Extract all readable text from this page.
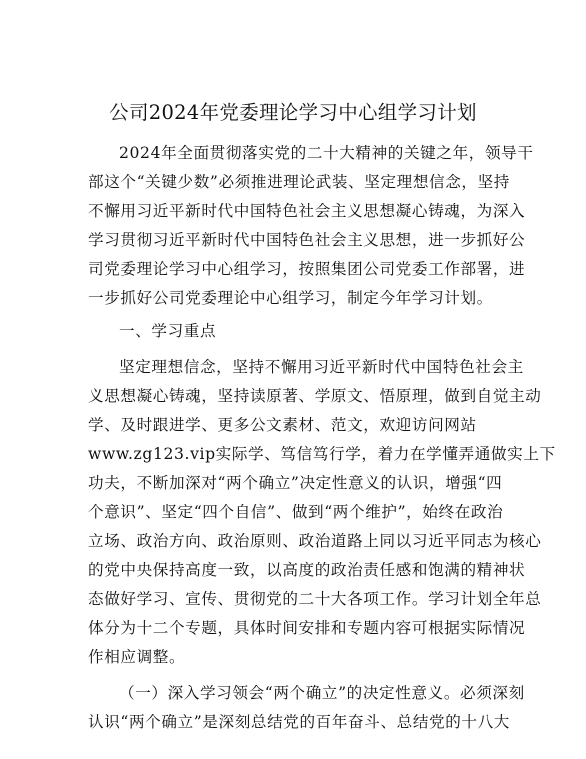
公司2024年党委理论学习中心组学习计划
2024年全面贯彻落实党的二十大精神的关键之年，领导干
部这个“关键少数”必须推进理论武装、坚定理想信念，坚持
不懈用习近平新时代中国特色社会主义思想凝心铸魂，为深入
学习贯彻习近平新时代中国特色社会主义思想，进一步抓好公
司党委理论学习中心组学习，按照集团公司党委工作部署，进
一步抓好公司党委理论中心组学习，制定今年学习计划。
一、学习重点
坚定理想信念，坚持不懈用习近平新时代中国特色社会主
义思想凝心铸魂，坚持读原著、学原文、悟原理，做到自觉主动
学、及时跟进学、更多公文素材、范文，欢迎访问网站
www.zg123.vip实际学、笃信笃行学，着力在学懂弄通做实上下
功夫，不断加深对“两个确立”决定性意义的认识，增强“四
个意识”、坚定“四个自信”、做到“两个维护”，始终在政治
立场、政治方向、政治原则、政治道路上同以习近平同志为核心
的党中央保持高度一致，以高度的政治责任感和饱满的精神状
态做好学习、宣传、贯彻党的二十大各项工作。学习计划全年总
体分为十二个专题，具体时间安排和专题内容可根据实际情况
作相应调整。
（一）深入学习领会“两个确立”的决定性意义。必须深刻
认识“两个确立”是深刻总结党的百年奋斗、总结党的十八大
